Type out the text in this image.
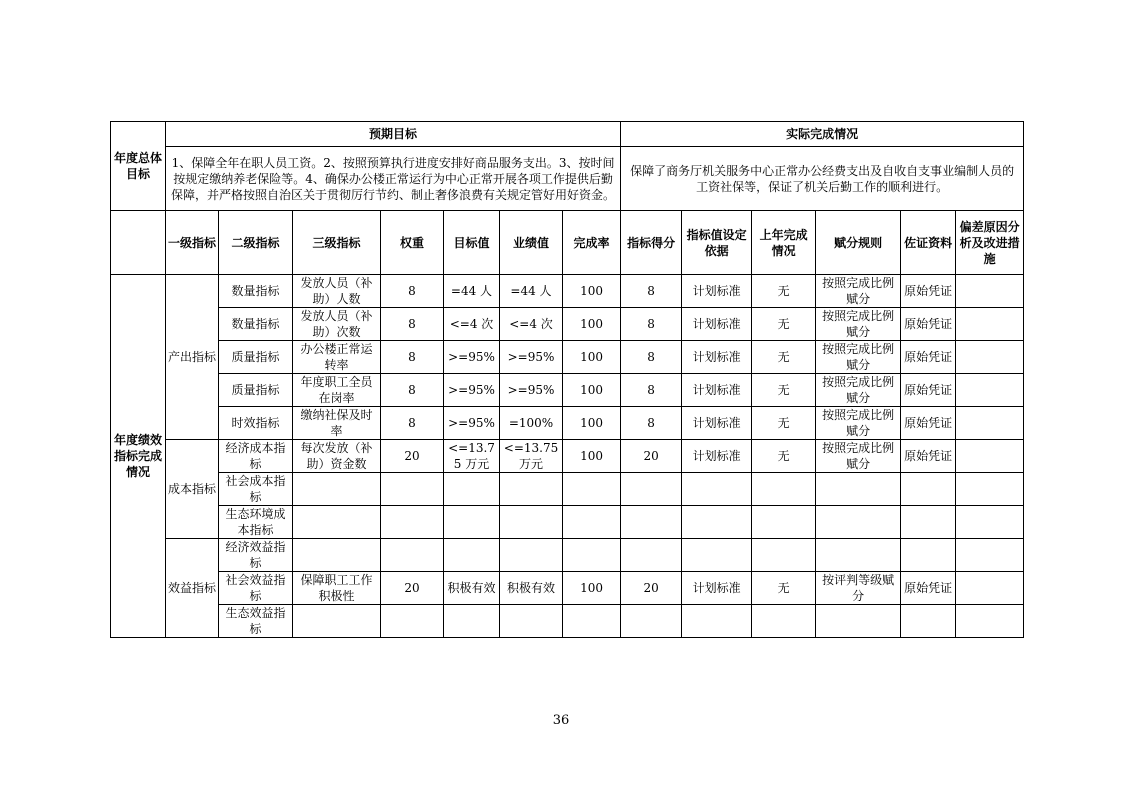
年度总体目标	预期目标							实际完成情况					
	1、保障全年在职人员工资。2、按照预算执行进度安排好商品服务支出。3、按时间按规定缴纳养老保险等。4、确保办公楼正常运行为中心正常开展各项工作提供后勤保障，并严格按照自治区关于贯彻厉行节约、制止奢侈浪费有关规定管好用好资金。							保障了商务厅机关服务中心正常办公经费支出及自收自支事业编制人员的工资社保等，保证了机关后勤工作的顺利进行。					
	一级指标	二级指标	三级指标	权重	目标值	业绩值	完成率	指标得分	指标值设定依据	上年完成情况	赋分规则	佐证资料	偏差原因分析及改进措施
年度绩效指标完成情况	产出指标	数量指标	发放人员（补助）人数	8	=44 人	=44 人	100	8	计划标准	无	按照完成比例赋分	原始凭证	
		数量指标	发放人员（补助）次数	8	<=4 次	<=4 次	100	8	计划标准	无	按照完成比例赋分	原始凭证	
		质量指标	办公楼正常运转率	8	>=95%	>=95%	100	8	计划标准	无	按照完成比例赋分	原始凭证	
		质量指标	年度职工全员在岗率	8	>=95%	>=95%	100	8	计划标准	无	按照完成比例赋分	原始凭证	
		时效指标	缴纳社保及时率	8	>=95%	=100%	100	8	计划标准	无	按照完成比例赋分	原始凭证	
	成本指标	经济成本指标	每次发放（补助）资金数	20	<=13.75 万元	<=13.75 万元	100	20	计划标准	无	按照完成比例赋分	原始凭证	
		社会成本指标											
		生态环境成本指标											
	效益指标	经济效益指标											
		社会效益指标	保障职工工作积极性	20	积极有效	积极有效	100	20	计划标准	无	按评判等级赋分	原始凭证	
		生态效益指标											
36
